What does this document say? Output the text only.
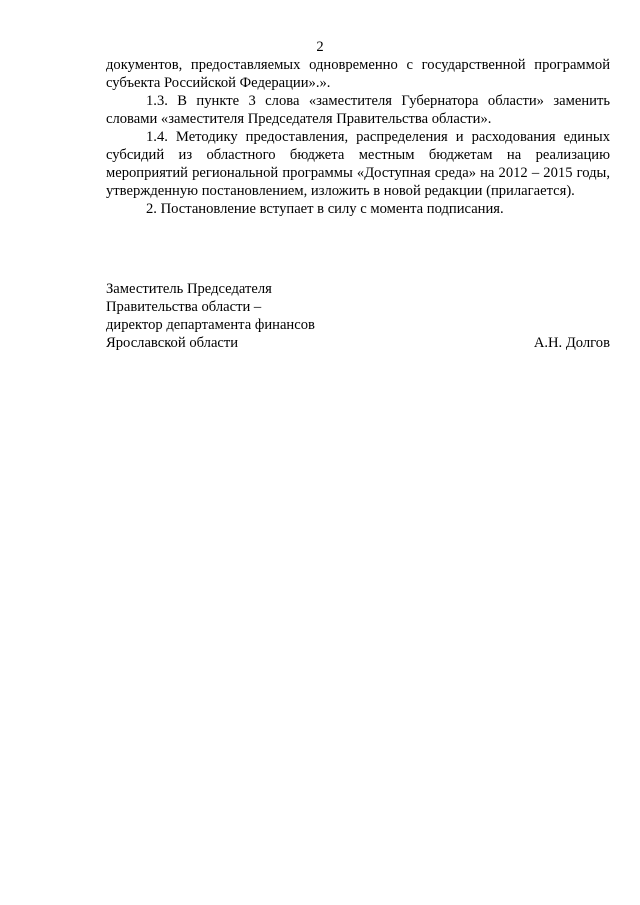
2

документов, предоставляемых одновременно с государственной программой субъекта Российской Федерации».».

1.3. В пункте 3 слова «заместителя Губернатора области» заменить словами «заместителя Председателя Правительства области».

1.4. Методику предоставления, распределения и расходования единых субсидий из областного бюджета местным бюджетам на реализацию мероприятий региональной программы «Доступная среда» на 2012 – 2015 годы, утвержденную постановлением, изложить в новой редакции (прилагается).

2. Постановление вступает в силу с момента подписания.

Заместитель Председателя
Правительства области –
директор департамента финансов
Ярославской области	А.Н. Долгов
